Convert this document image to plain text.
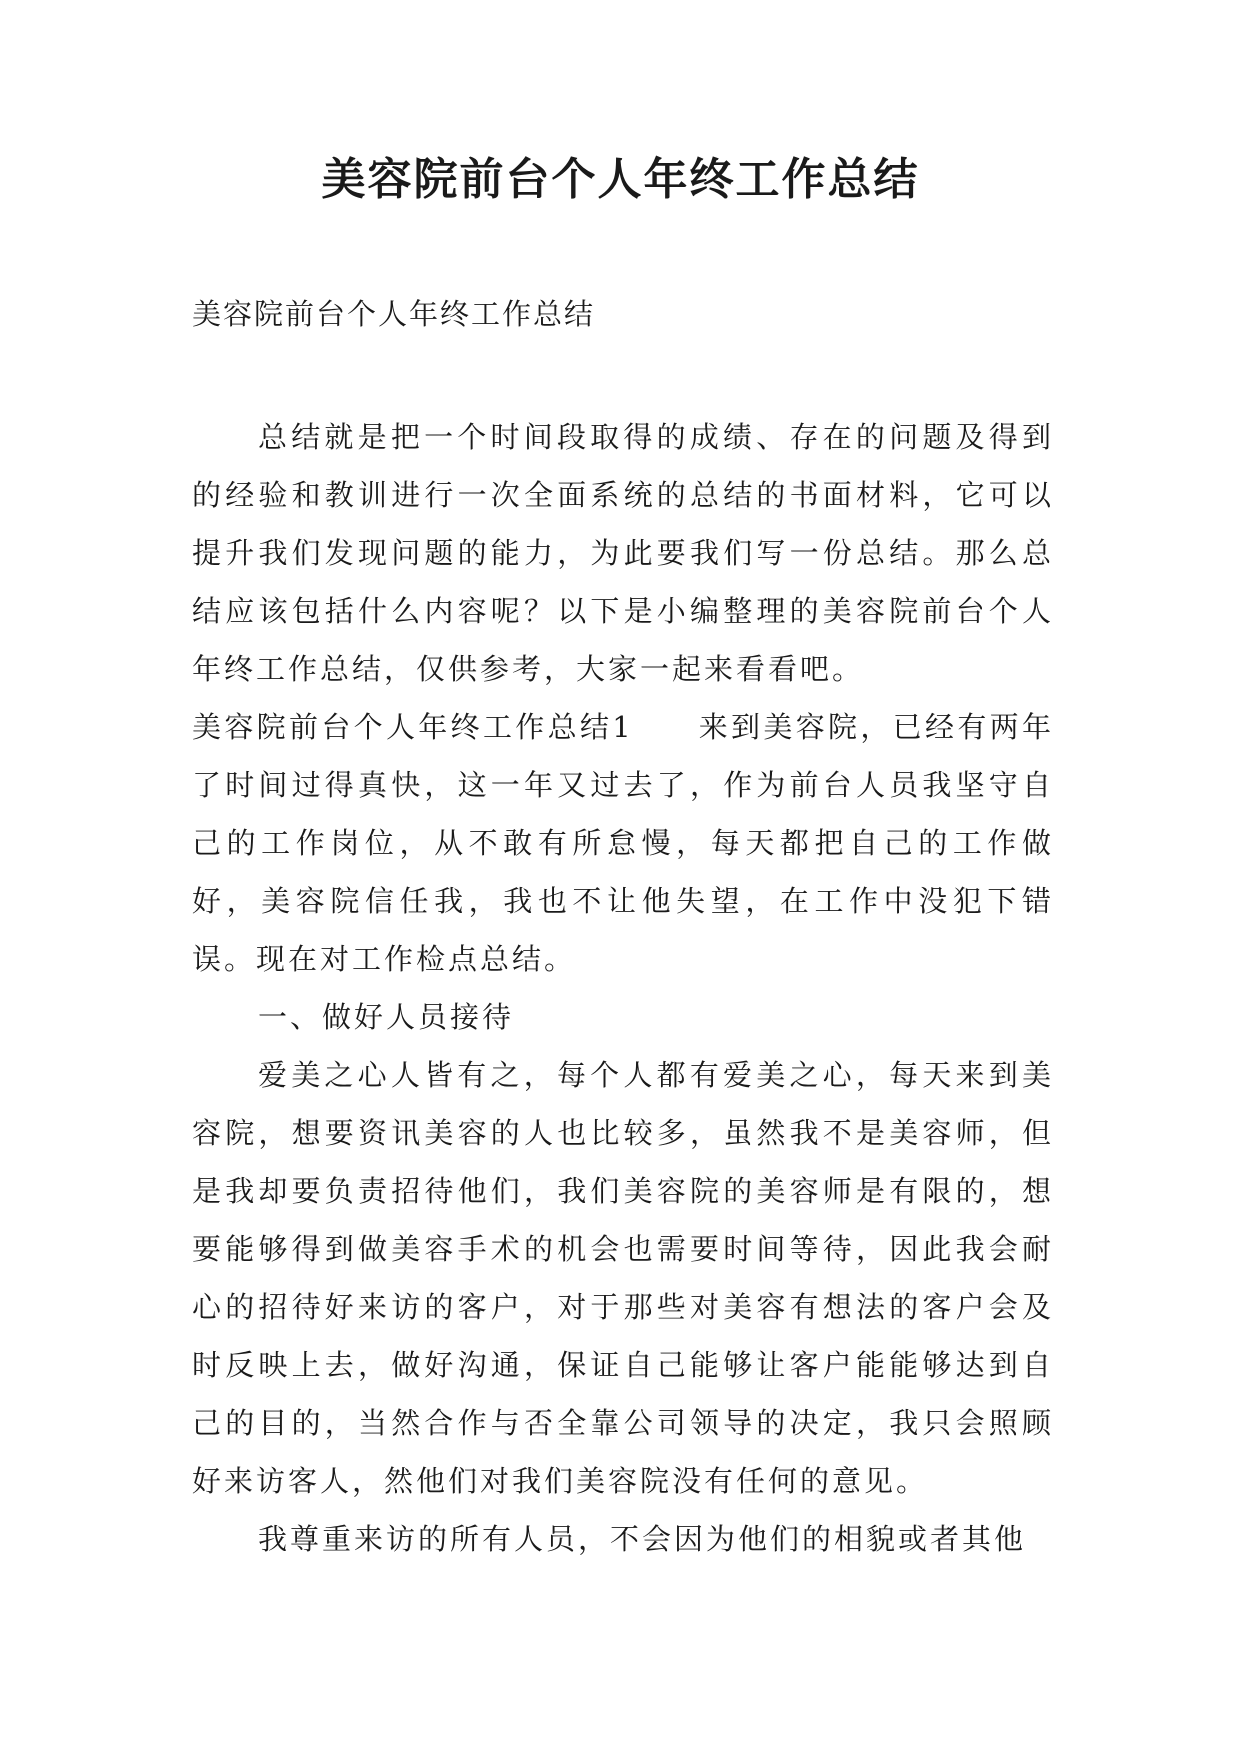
美容院前台个人年终工作总结

美容院前台个人年终工作总结

总结就是把一个时间段取得的成绩、存在的问题及得到的经验和教训进行一次全面系统的总结的书面材料，它可以提升我们发现问题的能力，为此要我们写一份总结。那么总结应该包括什么内容呢？以下是小编整理的美容院前台个人年终工作总结，仅供参考，大家一起来看看吧。

美容院前台个人年终工作总结1　　来到美容院，已经有两年了时间过得真快，这一年又过去了，作为前台人员我坚守自己的工作岗位，从不敢有所怠慢，每天都把自己的工作做好，美容院信任我，我也不让他失望，在工作中没犯下错误。现在对工作检点总结。

一、做好人员接待

爱美之心人皆有之，每个人都有爱美之心，每天来到美容院，想要资讯美容的人也比较多，虽然我不是美容师，但是我却要负责招待他们，我们美容院的美容师是有限的，想要能够得到做美容手术的机会也需要时间等待，因此我会耐心的招待好来访的客户，对于那些对美容有想法的客户会及时反映上去，做好沟通，保证自己能够让客户能能够达到自己的目的，当然合作与否全靠公司领导的决定，我只会照顾好来访客人，然他们对我们美容院没有任何的意见。

我尊重来访的所有人员，不会因为他们的相貌或者其他
